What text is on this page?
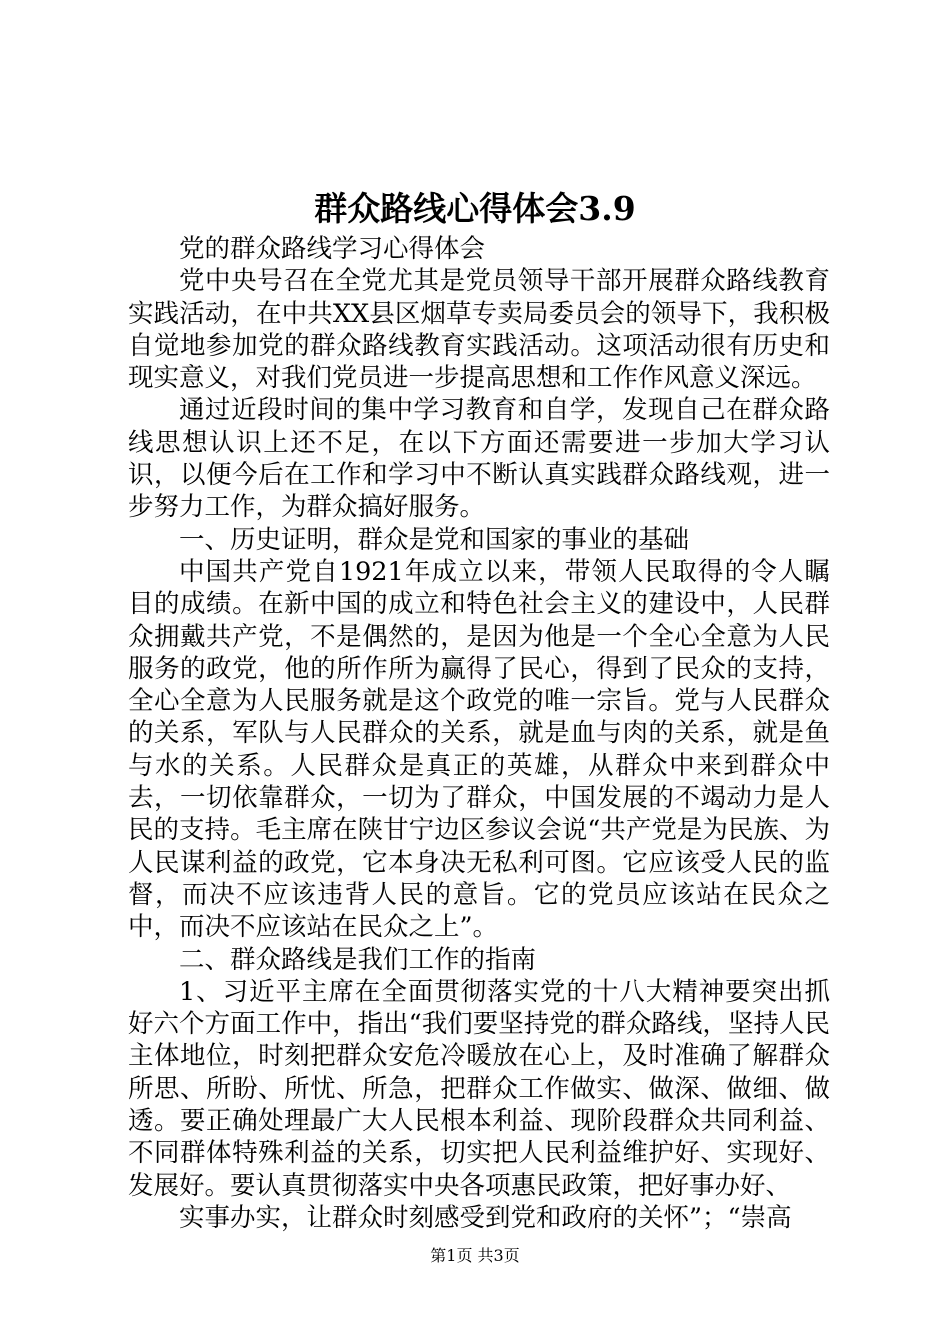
群众路线心得体会3.9

党的群众路线学习心得体会

党中央号召在全党尤其是党员领导干部开展群众路线教育实践活动，在中共XX县区烟草专卖局委员会的领导下，我积极自觉地参加党的群众路线教育实践活动。这项活动很有历史和现实意义，对我们党员进一步提高思想和工作作风意义深远。

通过近段时间的集中学习教育和自学，发现自己在群众路线思想认识上还不足，在以下方面还需要进一步加大学习认识，以便今后在工作和学习中不断认真实践群众路线观，进一步努力工作，为群众搞好服务。

一、历史证明，群众是党和国家的事业的基础

中国共产党自1921年成立以来，带领人民取得的令人瞩目的成绩。在新中国的成立和特色社会主义的建设中，人民群众拥戴共产党，不是偶然的，是因为他是一个全心全意为人民服务的政党，他的所作所为赢得了民心，得到了民众的支持，全心全意为人民服务就是这个政党的唯一宗旨。党与人民群众的关系，军队与人民群众的关系，就是血与肉的关系，就是鱼与水的关系。人民群众是真正的英雄，从群众中来到群众中去，一切依靠群众，一切为了群众，中国发展的不竭动力是人民的支持。毛主席在陕甘宁边区参议会说“共产党是为民族、为人民谋利益的政党，它本身决无私利可图。它应该受人民的监督，而决不应该违背人民的意旨。它的党员应该站在民众之中，而决不应该站在民众之上”。

二、群众路线是我们工作的指南

1、习近平主席在全面贯彻落实党的十八大精神要突出抓好六个方面工作中，指出“我们要坚持党的群众路线，坚持人民主体地位，时刻把群众安危冷暖放在心上，及时准确了解群众所思、所盼、所忧、所急，把群众工作做实、做深、做细、做透。要正确处理最广大人民根本利益、现阶段群众共同利益、不同群体特殊利益的关系，切实把人民利益维护好、实现好、发展好。要认真贯彻落实中央各项惠民政策，把好事办好、

实事办实，让群众时刻感受到党和政府的关怀”；“崇高

第1页 共3页
